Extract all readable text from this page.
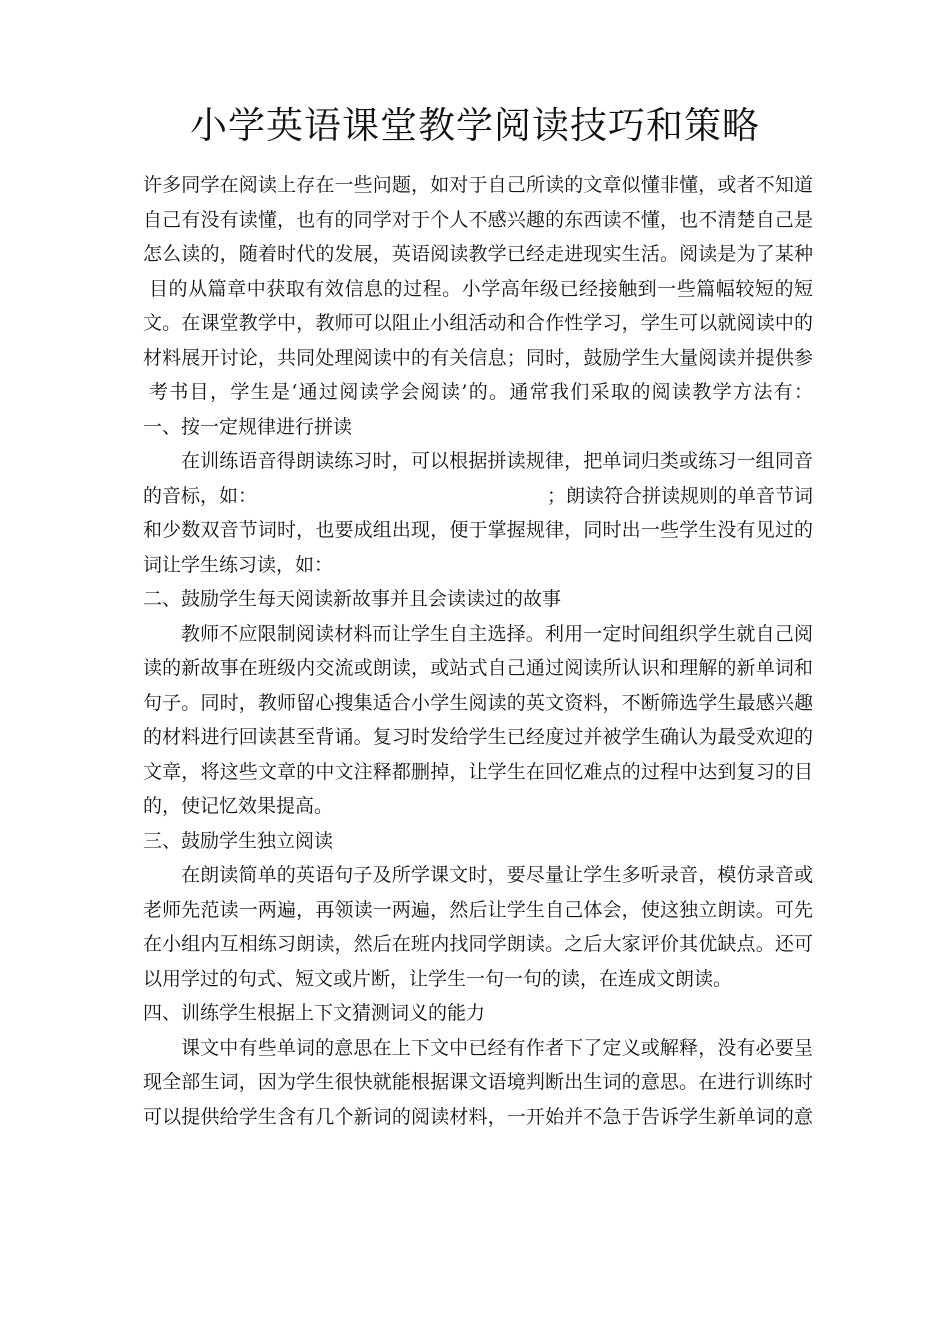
小学英语课堂教学阅读技巧和策略
许多同学在阅读上存在一些问题，如对于自己所读的文章似懂非懂，或者不知道
自己有没有读懂，也有的同学对于个人不感兴趣的东西读不懂，也不清楚自己是
怎么读的，随着时代的发展，英语阅读教学已经走进现实生活。阅读是为了某种
目的从篇章中获取有效信息的过程。小学高年级已经接触到一些篇幅较短的短
文。在课堂教学中，教师可以阻止小组活动和合作性学习，学生可以就阅读中的
材料展开讨论，共同处理阅读中的有关信息；同时，鼓励学生大量阅读并提供参
考书目，学生是‘通过阅读学会阅读’的。通常我们采取的阅读教学方法有：
一、按一定规律进行拼读
在训练语音得朗读练习时，可以根据拼读规律，把单词归类或练习一组同音
的音标，如：	；朗读符合拼读规则的单音节词
和少数双音节词时，也要成组出现，便于掌握规律，同时出一些学生没有见过的
词让学生练习读，如：
二、鼓励学生每天阅读新故事并且会读读过的故事
教师不应限制阅读材料而让学生自主选择。利用一定时间组织学生就自己阅
读的新故事在班级内交流或朗读，或站式自己通过阅读所认识和理解的新单词和
句子。同时，教师留心搜集适合小学生阅读的英文资料，不断筛选学生最感兴趣
的材料进行回读甚至背诵。复习时发给学生已经度过并被学生确认为最受欢迎的
文章，将这些文章的中文注释都删掉，让学生在回忆难点的过程中达到复习的目
的，使记忆效果提高。
三、鼓励学生独立阅读
在朗读简单的英语句子及所学课文时，要尽量让学生多听录音，模仿录音或
老师先范读一两遍，再领读一两遍，然后让学生自己体会，使这独立朗读。可先
在小组内互相练习朗读，然后在班内找同学朗读。之后大家评价其优缺点。还可
以用学过的句式、短文或片断，让学生一句一句的读，在连成文朗读。
四、训练学生根据上下文猜测词义的能力
课文中有些单词的意思在上下文中已经有作者下了定义或解释，没有必要呈
现全部生词，因为学生很快就能根据课文语境判断出生词的意思。在进行训练时
可以提供给学生含有几个新词的阅读材料，一开始并不急于告诉学生新单词的意
